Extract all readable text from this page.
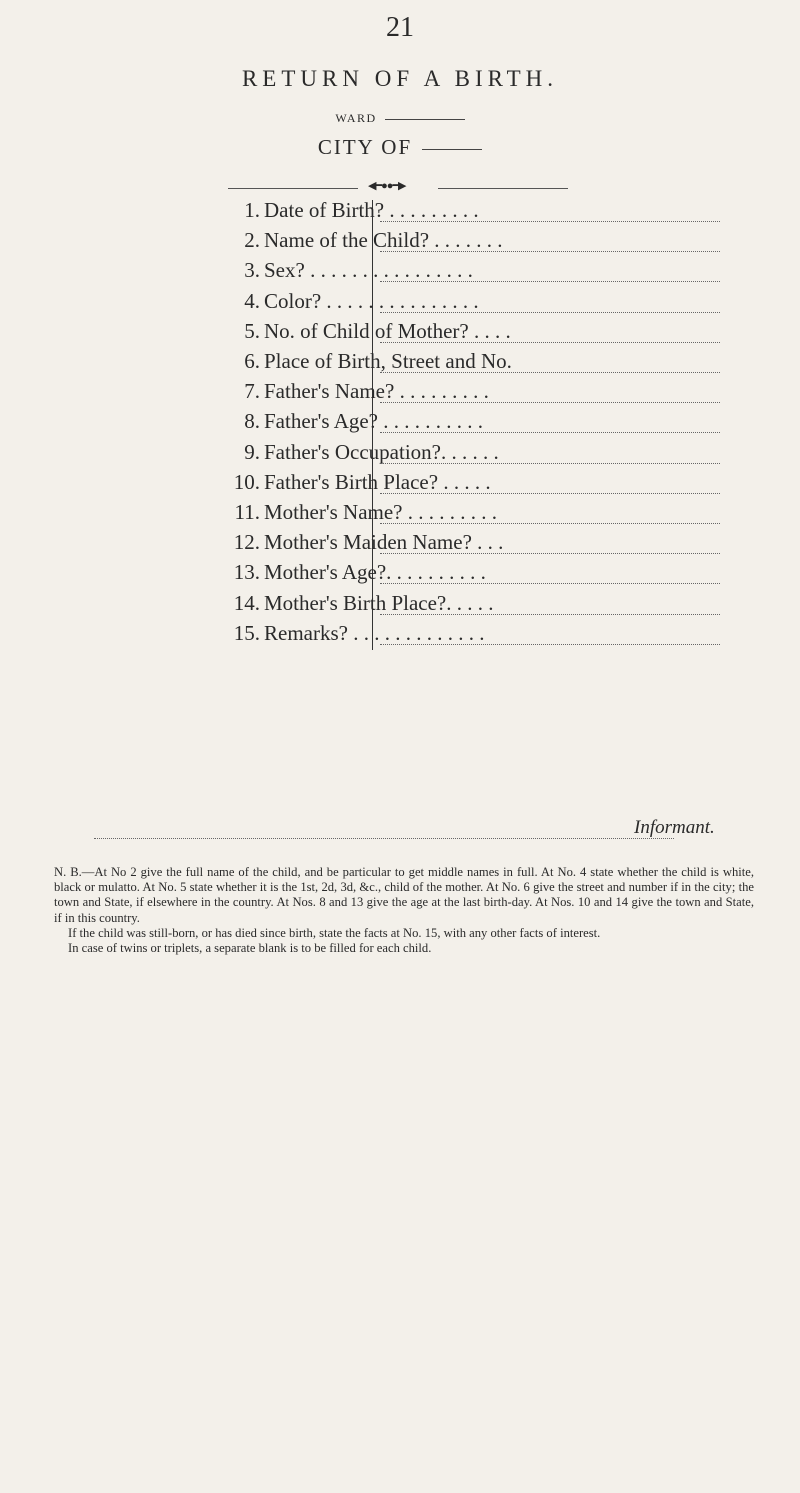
21
RETURN OF A BIRTH.
WARD
CITY OF
◀━●●━▶
1. Date of Birth? . . . . . . . . .
2. Name of the Child? . . . . . . .
3. Sex? . . . . . . . . . . . . . . . .
4. Color? . . . . . . . . . . . . . . .
5. No. of Child of Mother? . . . .
6. Place of Birth, Street and No.
7. Father's Name? . . . . . . . . .
8. Father's Age? . . . . . . . . . .
9. Father's Occupation?. . . . . .
10. Father's Birth Place? . . . . .
11. Mother's Name? . . . . . . . . .
12. Mother's Maiden Name? . . .
13. Mother's Age?. . . . . . . . . .
14. Mother's Birth Place?. . . . .
15. Remarks? . . . . . . . . . . . . .
Informant.

N. B.—At No 2 give the full name of the child, and be particular to get middle names in full. At No. 4 state whether the child is white, black or mulatto. At No. 5 state whether it is the 1st, 2d, 3d, &c., child of the mother. At No. 6 give the street and number if in the city; the town and State, if elsewhere in the country. At Nos. 8 and 13 give the age at the last birth-day. At Nos. 10 and 14 give the town and State, if in this country.

If the child was still-born, or has died since birth, state the facts at No. 15, with any other facts of interest.

In case of twins or triplets, a separate blank is to be filled for each child.
